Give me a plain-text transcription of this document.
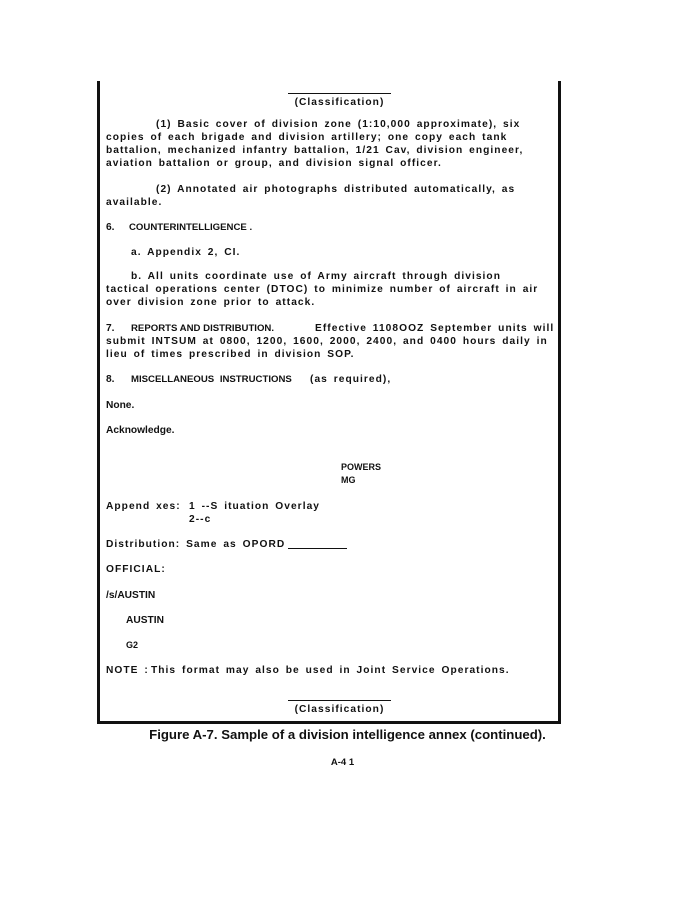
(Classification)
(1) Basic cover of division zone (1:10,000 approximate), six
copies of each brigade and division artillery; one copy each tank
battalion, mechanized infantry battalion, 1/21 Cav, division engineer,
aviation battalion or group, and division signal officer.
(2) Annotated air photographs distributed automatically, as
available.
6. COUNTERINTELLIGENCE .
a. Appendix 2, CI.
b. All units coordinate use of Army aircraft through division
tactical operations center (DTOC) to minimize number of aircraft in air
over division zone prior to attack.
7. REPORTS AND DISTRIBUTION.	Effective 1108OOZ September units will
submit INTSUM at 0800, 1200, 1600, 2000, 2400, and 0400 hours daily in
lieu of times prescribed in division SOP.
8. MISCELLANEOUS INSTRUCTIONS (as required),
None.
Acknowledge.
POWERS
MG
Append xes: 1 --S ituation Overlay
2--c
Distribution: Same as OPORD
OFFICIAL:
/s/AUSTIN
AUSTIN
G2
NOTE : This format may also be used in Joint Service Operations.
(Classification)
Figure A-7. Sample of a division intelligence annex (continued).
A-4 1
